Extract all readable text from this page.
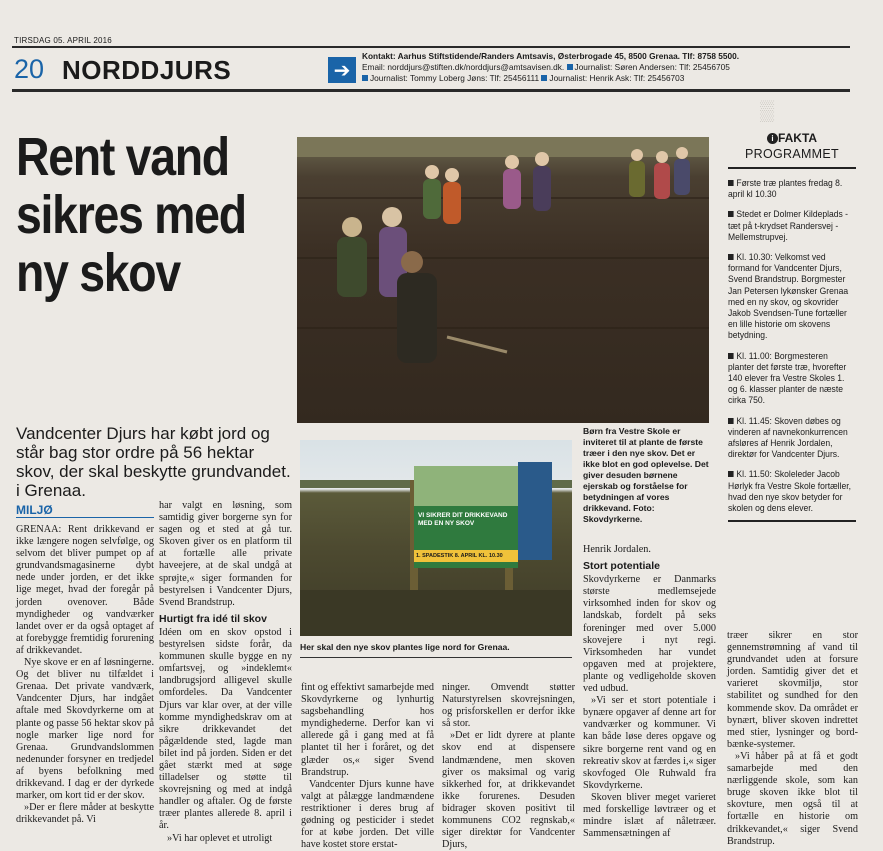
TIRSDAG 05. APRIL 2016
20 NORDDJURS	➔
Kontakt: Aarhus Stiftstidende/Randers Amtsavis, Østerbrogade 45, 8500 Grenaa. Tlf: 8758 5500.
Email: norddjurs@stiften.dk/norddjurs@amtsavisen.dk. Journalist: Søren Andersen: Tlf: 25456705
Journalist: Tommy Loberg Jøns: Tlf: 25456111 Journalist: Henrik Ask: Tlf: 25456703
▒
Rent vand sikres med ny skov
Vandcenter Djurs har købt jord og står bag stor ordre på 56 hektar skov, der skal beskytte grundvandet. i Grenaa.
MILJØ

GRENAA: Rent drikkevand er ikke længere nogen selvfølge, og selvom det bliver pumpet op af grundvandsmagasinerne dybt nede under jorden, er det ikke lige meget, hvad der foregår på jorden ovenover. Både myndigheder og vandværker landet over er da også optaget af at forebygge fremtidig forurening af drikkevandet.

Nye skove er en af løsningerne. Og det bliver nu tilfældet i Grenaa. Det private vandværk, Vandcenter Djurs, har indgået aftale med Skovdyrkerne om at plante og passe 56 hektar skov på nogle marker lige nord for Grenaa. Grundvandslommen nedenunder forsyner en tredjedel af byens befolkning med drikkevand. I dag er der dyrkede marker, om kort tid er der skov.

»Der er flere måder at beskytte drikkevandet på. Vi

har valgt en løsning, som samtidig giver borgerne syn for sagen og et sted at gå tur. Skoven giver os en platform til at fortælle alle private haveejere, at de skal undgå at sprøjte,« siger formanden for bestyrelsen i Vandcenter Djurs, Svend Brandstrup.

Hurtigt fra idé til skov

Idéen om en skov opstod i bestyrelsen sidste forår, da kommunen skulle bygge en ny omfartsvej, og »indeklemt« landbrugsjord alligevel skulle omfordeles. Da Vandcenter Djurs var klar over, at der ville komme myndighedskrav om at sikre drikkevandet det pågældende sted, lagde man bilet ind på jorden. Siden er det gået stærkt med at søge tilladelser og støtte til skovrejsning og med at indgå handler og aftaler. Og de første træer plantes allerede 8. april i år.

»Vi har oplevet et utroligt

Børn fra Vestre Skole er inviteret til at plante de første træer i den nye skov. Det er ikke blot en god oplevelse. Det giver desuden børnene ejerskab og forståelse for betydningen af vores drikkevand. Foto: Skovdyrkerne.
VI SIKRER DIT DRIKKEVAND
MED EN NY SKOV
1. SPADESTIK 8. APRIL KL. 10.30
Her skal den nye skov plantes lige nord for Grenaa.

fint og effektivt samarbejde med Skovdyrkerne og lynhurtig sagsbehandling hos myndighederne. Derfor kan vi allerede gå i gang med at få plantet til her i foråret, og det glæder os,« siger Svend Brandstrup.

Vandcenter Djurs kunne have valgt at pålægge landmændene restriktioner i deres brug af gødning og pesticider i stedet for at købe jorden. Det ville have kostet store erstat-

ninger. Omvendt støtter Naturstyrelsen skovrejsningen, og prisforskellen er derfor ikke så stor.

»Det er lidt dyrere at plante skov end at dispensere landmændene, men skoven giver os maksimal og varig sikkerhed for, at drikkevandet ikke forurenes. Desuden bidrager skoven positivt til kommunens CO2 regnskab,« siger direktør for Vandcenter Djurs,

Henrik Jordalen.

Stort potentiale

Skovdyrkerne er Danmarks største medlemsejede virksomhed inden for skov og landskab, fordelt på seks foreninger med over 5.000 skovejere i nyt regi. Virksomheden har vundet opgaven med at projektere, plante og vedligeholde skoven ved udbud.

»Vi ser et stort potentiale i bynære opgaver af denne art for vandværker og kommuner. Vi kan både løse deres opgave og sikre borgerne rent vand og en rekreativ skov at færdes i,« siger skovfoged Ole Ruhwald fra Skovdyrkerne.

Skoven bliver meget varieret med forskellige løvtræer og et mindre islæt af nåletræer. Sammensætningen af

i FAKTA
PROGRAMMET
Første træ plantes fredag 8. april kl 10.30
Stedet er Dolmer Kildeplads - tæt på t-krydset Randersvej - Mellemstrupvej.
Kl. 10.30: Velkomst ved formand for Vandcenter Djurs, Svend Brandstrup. Borgmester Jan Petersen lykønsker Grenaa med en ny skov, og skovrider Jakob Svendsen-Tune fortæller en lille historie om skovens betydning.
Kl. 11.00: Borgmesteren planter det første træ, hvorefter 140 elever fra Vestre Skoles 1. og 6. klasser planter de næste cirka 750.
Kl. 11.45: Skoven døbes og vinderen af navnekonkurrencen afsløres af Henrik Jordalen, direktør for Vandcenter Djurs.
Kl. 11.50: Skoleleder Jacob Hørlyk fra Vestre Skole fortæller, hvad den nye skov betyder for skolen og dens elever.

træer sikrer en stor gennemstrømning af vand til grundvandet uden at forsure jorden. Samtidig giver det et varieret skovmiljø, stor stabilitet og sundhed for den kommende skov. Da området er bynært, bliver skoven indrettet med stier, lysninger og bord-bænke-systemer.

»Vi håber på at få et godt samarbejde med den nærliggende skole, som kan bruge skoven ikke blot til skovture, men også til at fortælle en historie om drikkevandet,« siger Svend Brandstrup.
